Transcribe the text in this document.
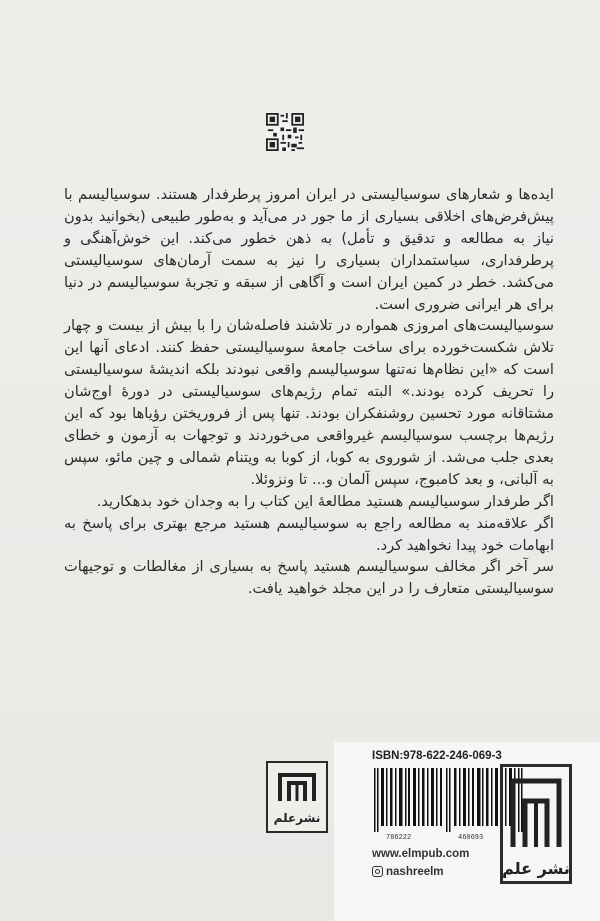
ایده‌ها و شعارهای سوسیالیستی در ایران امروز پرطرفدار هستند. سوسیالیسم با پیش‌فرض‌های اخلاقی بسیاری از ما جور در می‌آید و به‌طور طبیعی (بخوانید بدون نیاز به مطالعه و تدقیق و تأمل) به ذهن خطور می‌کند. این خوش‌آهنگی و پرطرفداری، سیاستمداران بسیاری را نیز به سمت آرمان‌های سوسیالیستی می‌کشد. خطر در کمین ایران است و آگاهی از سبقه و تجربهٔ سوسیالیسم در دنیا برای هر ایرانی ضروری است.

سوسیالیست‌های امروزی همواره در تلاشند فاصله‌شان را با بیش از بیست و چهار تلاش شکست‌خورده برای ساخت جامعهٔ سوسیالیستی حفظ کنند. ادعای آنها این است که «این نظام‌ها نه‌تنها سوسیالیسم واقعی نبودند بلکه اندیشهٔ سوسیالیستی را تحریف کرده بودند.» البته تمام رژیم‌های سوسیالیستی در دورهٔ اوج‌شان مشتاقانه مورد تحسین روشنفکران بودند. تنها پس از فروریختن رؤیاها بود که این رژیم‌ها برچسب سوسیالیسم غیرواقعی می‌خوردند و توجهات به آزمون و خطای بعدی جلب می‌شد. از شوروی به کوبا، از کوبا به ویتنام شمالی و چین مائو، سپس به آلبانی، و بعد کامبوج، سپس آلمان و... تا ونزوئلا.

اگر طرفدار سوسیالیسم هستید مطالعهٔ این کتاب را به وجدان خود بدهکارید.

اگر علاقه‌مند به مطالعه راجع به سوسیالیسم هستید مرجع بهتری برای پاسخ به ابهامات خود پیدا نخواهید کرد.

سر آخر اگر مخالف سوسیالیسم هستید پاسخ به بسیاری از مغالطات و توجیهات سوسیالیستی متعارف را در این مجلد خواهید یافت.

نشرعلم
ISBN:978-622-246-069-3
786222	460693
www.elmpub.com
nashreelm	نشر علم
